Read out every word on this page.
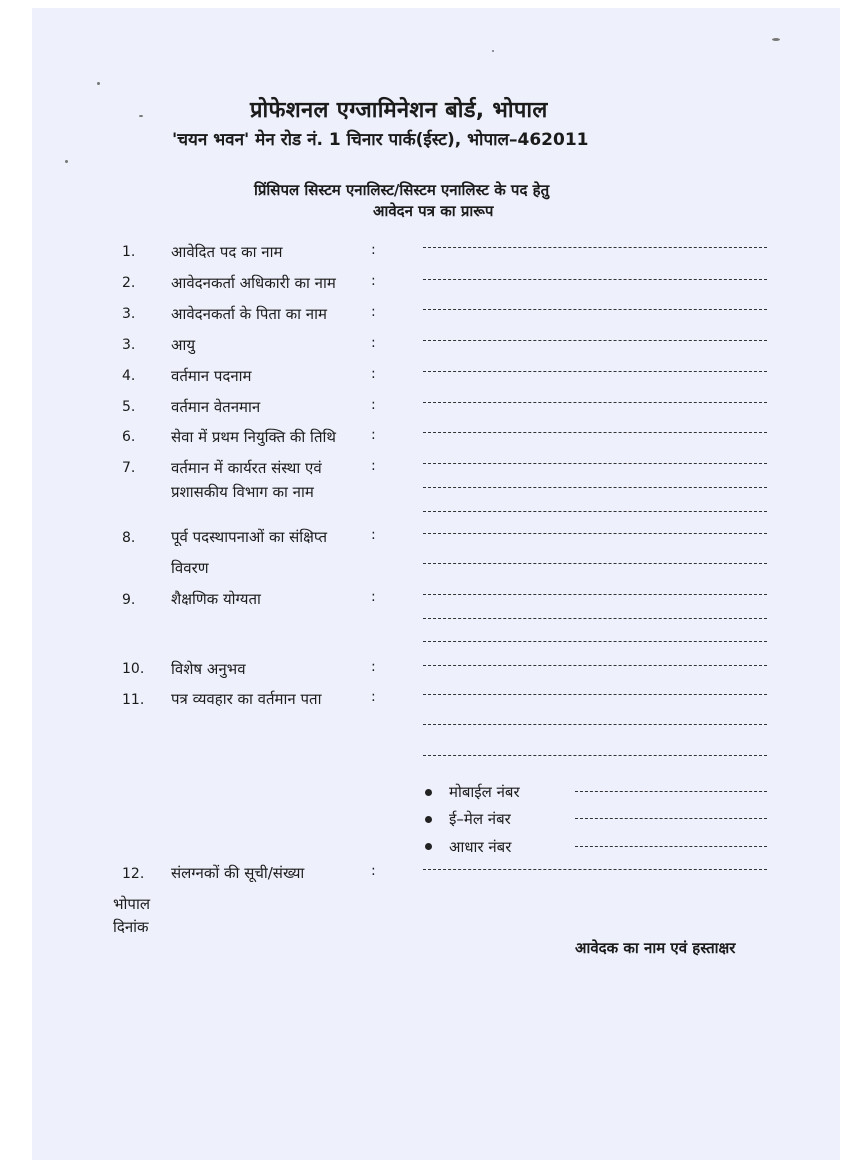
प्रोफेशनल एग्जामिनेशन बोर्ड, भोपाल
'चयन भवन' मेन रोड नं. 1 चिनार पार्क(ईस्ट), भोपाल–462011
प्रिंसिपल सिस्टम एनालिस्ट/सिस्टम एनालिस्ट के पद हेतु
आवेदन पत्र का प्रारूप
1. आवेदित पद का नाम	:
2. आवेदनकर्ता अधिकारी का नाम	:
3. आवेदनकर्ता के पिता का नाम	:
3. आयु	:
4. वर्तमान पदनाम	:
5. वर्तमान वेतनमान	:
6. सेवा में प्रथम नियुक्ति की तिथि	:
7. वर्तमान में कार्यरत संस्था एवं
प्रशासकीय विभाग का नाम
:
8. पूर्व पदस्थापनाओं का संक्षिप्त
विवरण
:
9. शैक्षणिक योग्यता	:
10. विशेष अनुभव	:
11. पत्र व्यवहार का वर्तमान पता	:
मोबाईल नंबर
ई–मेल नंबर
आधार नंबर
12. संलग्नकों की सूची/संख्या	:
भोपाल
दिनांक
आवेदक का नाम एवं हस्ताक्षर
